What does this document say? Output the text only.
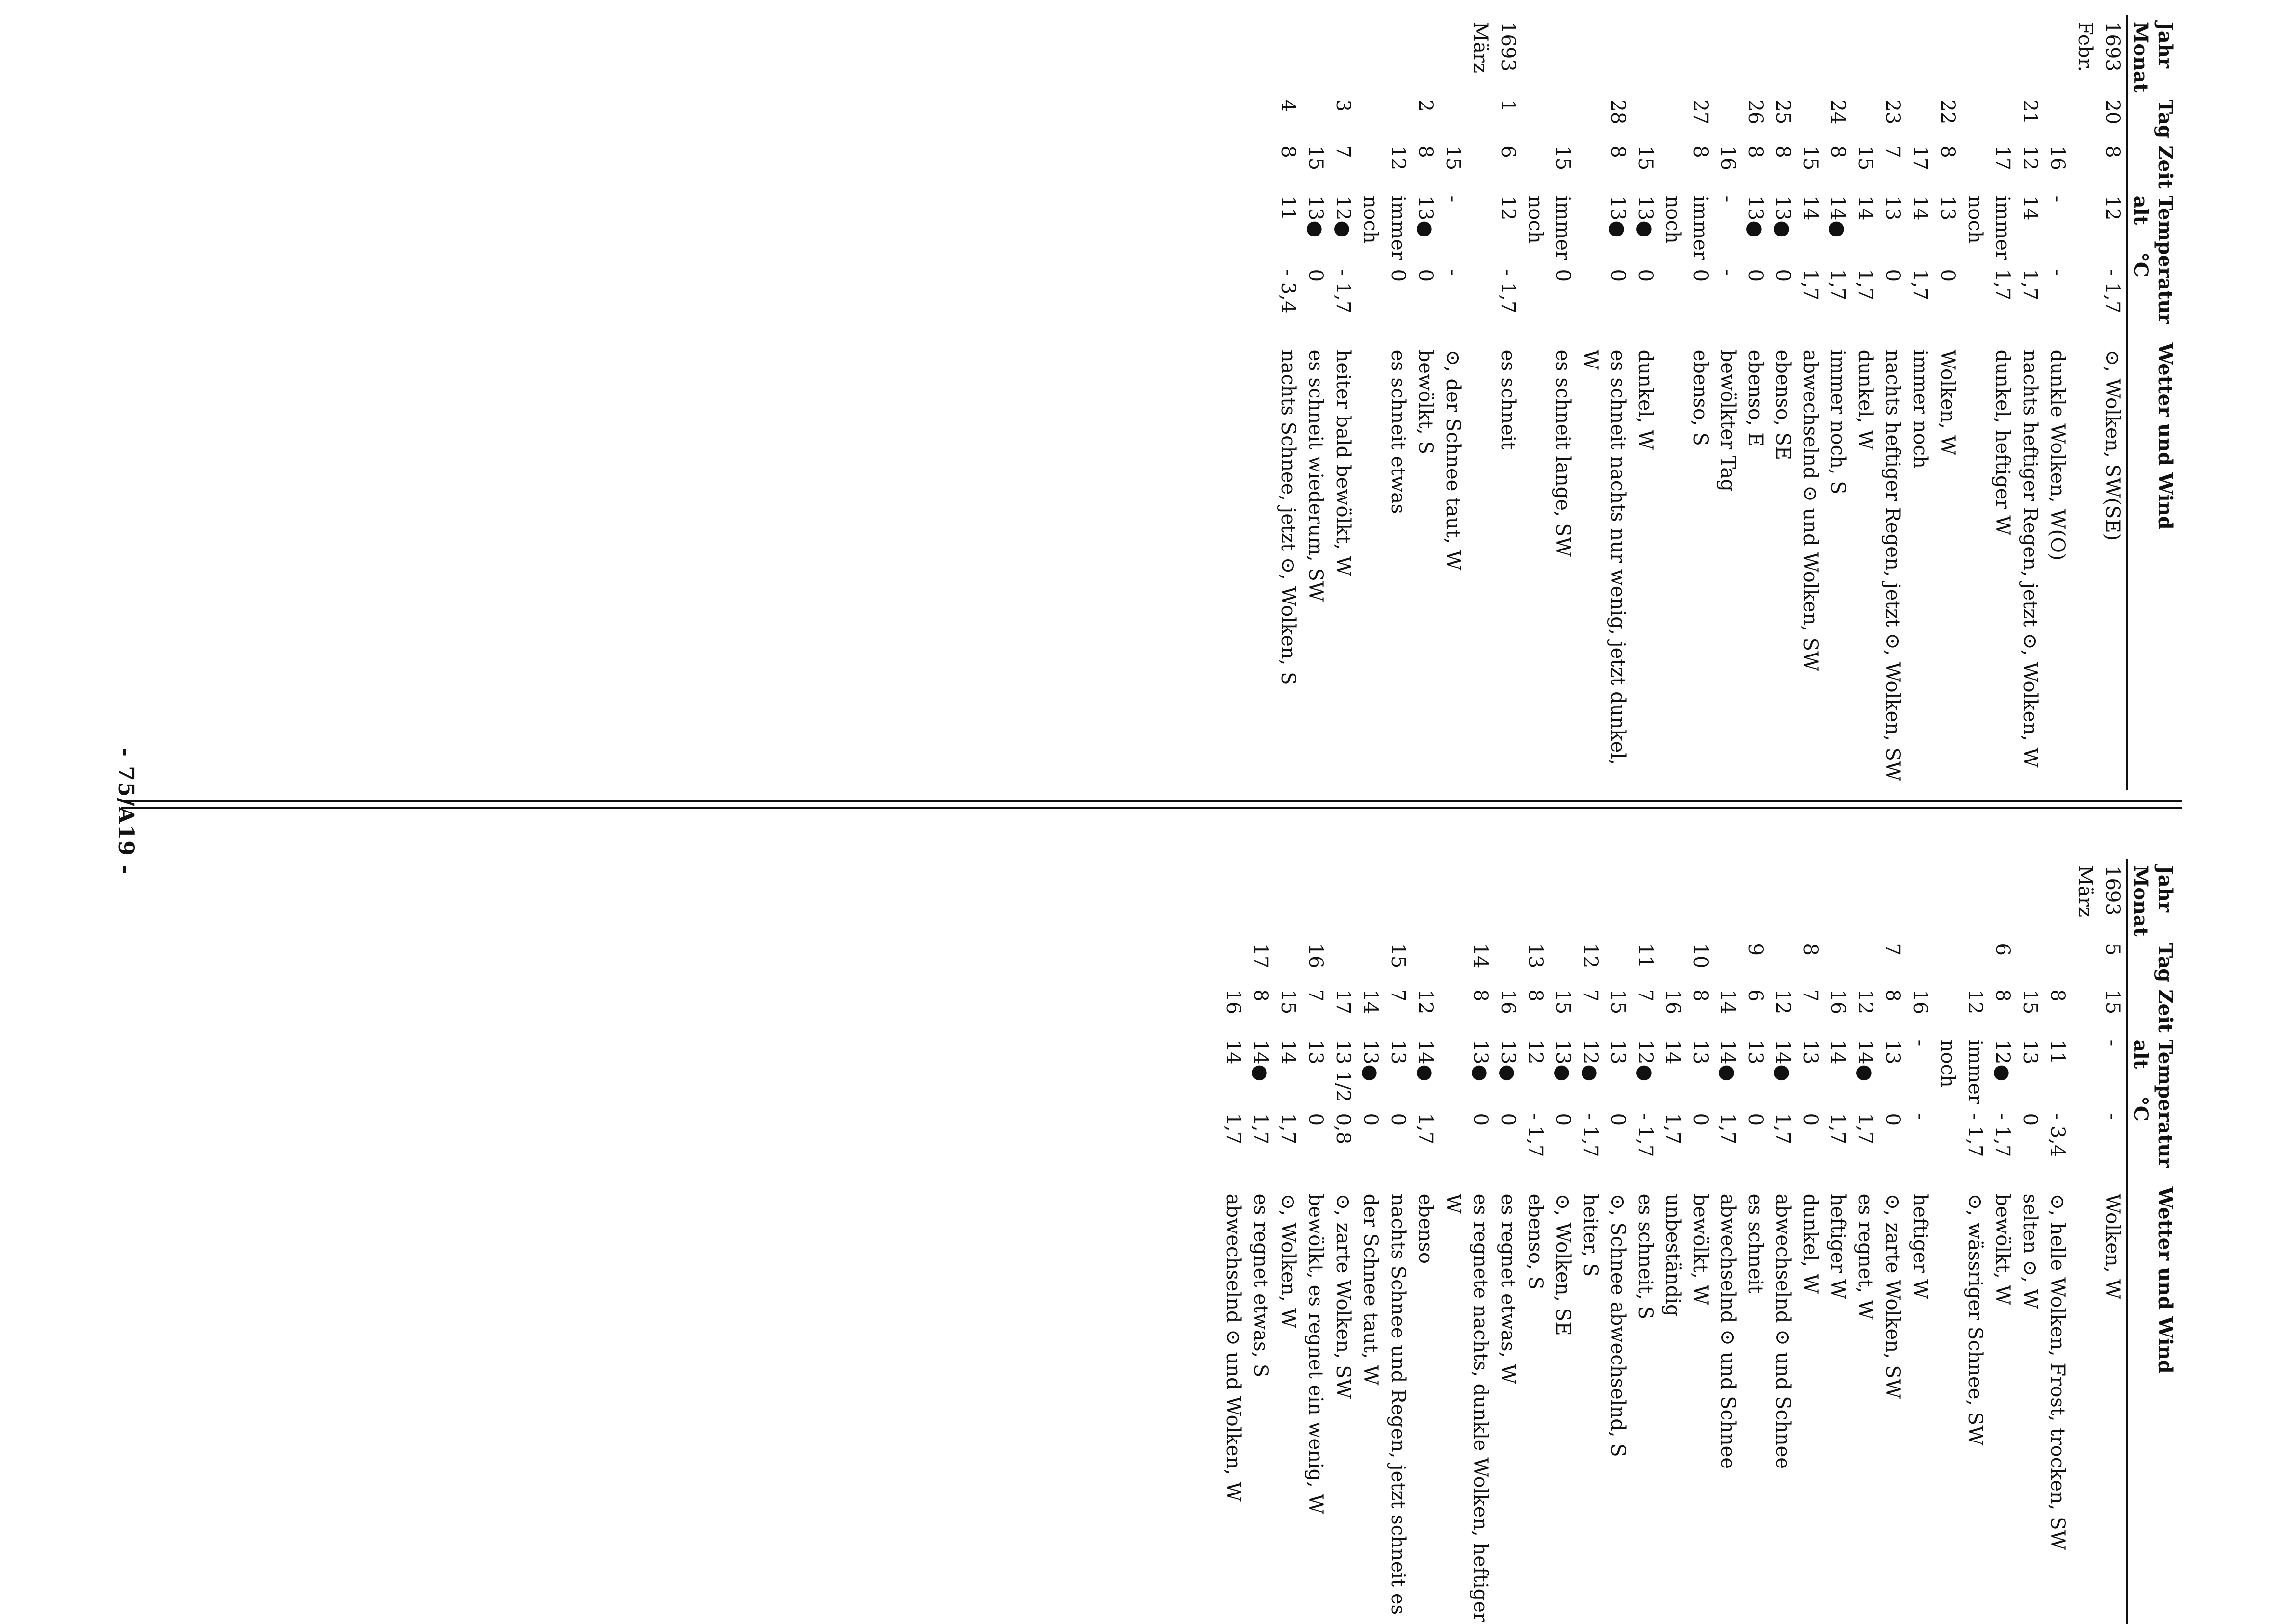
- 75/A19 -
Jahr
Monat	Tag	Zeit	Temperatur
alt    °C		Wetter und Wind
1693 Febr.	20	8	12	- 1,7	⊙, Wolken, SW(SE)
		16	-	-	dunkle Wolken, W(O)
	21	12	14	1,7	nachts heftiger Regen, jetzt ⊙, Wolken, W
		17	immer noch	1,7	dunkel, heftiger W
	22	8	13	0	Wolken, W
		17	14	1,7	immer noch
	23	7	13	0	nachts heftiger Regen, jetzt ⊙, Wolken, SW
		15	14	1,7	dunkel, W
	24	8	14●	1,7	immer noch, S
		15	14	1,7	abwechselnd ⊙ und Wolken, SW
	25	8	13●	0	ebenso, SE
	26	8	13●	0	ebenso, E
		16	-	-	bewölkter Tag
	27	8	immer noch	0	ebenso, S
		15	13●	0	dunkel, W
	28	8	13●	0	es schneit nachts nur wenig, jetzt dunkel, W
		15	immer noch	0	es schneit lange, SW
1693 März	1	6	12	- 1,7	es schneit
		15	-	-	⊙, der Schnee taut, W
	2	8	13●	0	bewölkt, S
		12	immer noch	0	es schneit etwas
	3	7	12●	- 1,7	heiter bald bewölkt, W
		15	13●	0	es schneit wiederum, SW
	4	8	11	- 3,4	nachts Schnee, jetzt ⊙, Wolken, S
Jahr
Monat	Tag	Zeit	Temperatur
alt    °C		Wetter und Wind
1693 März	5	15	-	-	Wolken, W
		8	11	- 3,4	⊙, helle Wolken, Frost, trocken, SW
		15	13	0	selten ⊙, W
	6	8	12●	- 1,7	bewölkt, W
		12	immer noch	- 1,7	⊙, wässriger Schnee, SW
		16	-	-	heftiger W
	7	8	13	0	⊙, zarte Wolken, SW
		12	14●	1,7	es regnet, W
		16	14	1,7	heftiger W
	8	7	13	0	dunkel, W
		12	14●	1,7	abwechselnd ⊙ und Schnee
	9	6	13	0	es schneit
		14	14●	1,7	abwechselnd ⊙ und Schnee
	10	8	13	0	bewölkt, W
		16	14	1,7	unbeständig
	11	7	12●	- 1,7	es schneit, S
		15	13	0	⊙, Schnee abwechselnd, S
	12	7	12●	- 1,7	heiter, S
		15	13●	0	⊙, Wolken, SE
	13	8	12	- 1,7	ebenso, S
		16	13●	0	es regnet etwas, W
	14	8	13●	0	es regnete nachts, dunkle Wolken, heftiger W
		12	14●	1,7	ebenso
	15	7	13	0	nachts Schnee und Regen, jetzt schneit es
		14	13●	0	der Schnee taut, W
		17	13 1/2	0,8	⊙, zarte Wolken, SW
	16	7	13	0	bewölkt, es regnet ein wenig, W
		15	14	1,7	⊙, Wolken, W
	17	8	14●	1,7	es regnet etwas, S
		16	14	1,7	abwechselnd ⊙ und Wolken, W
